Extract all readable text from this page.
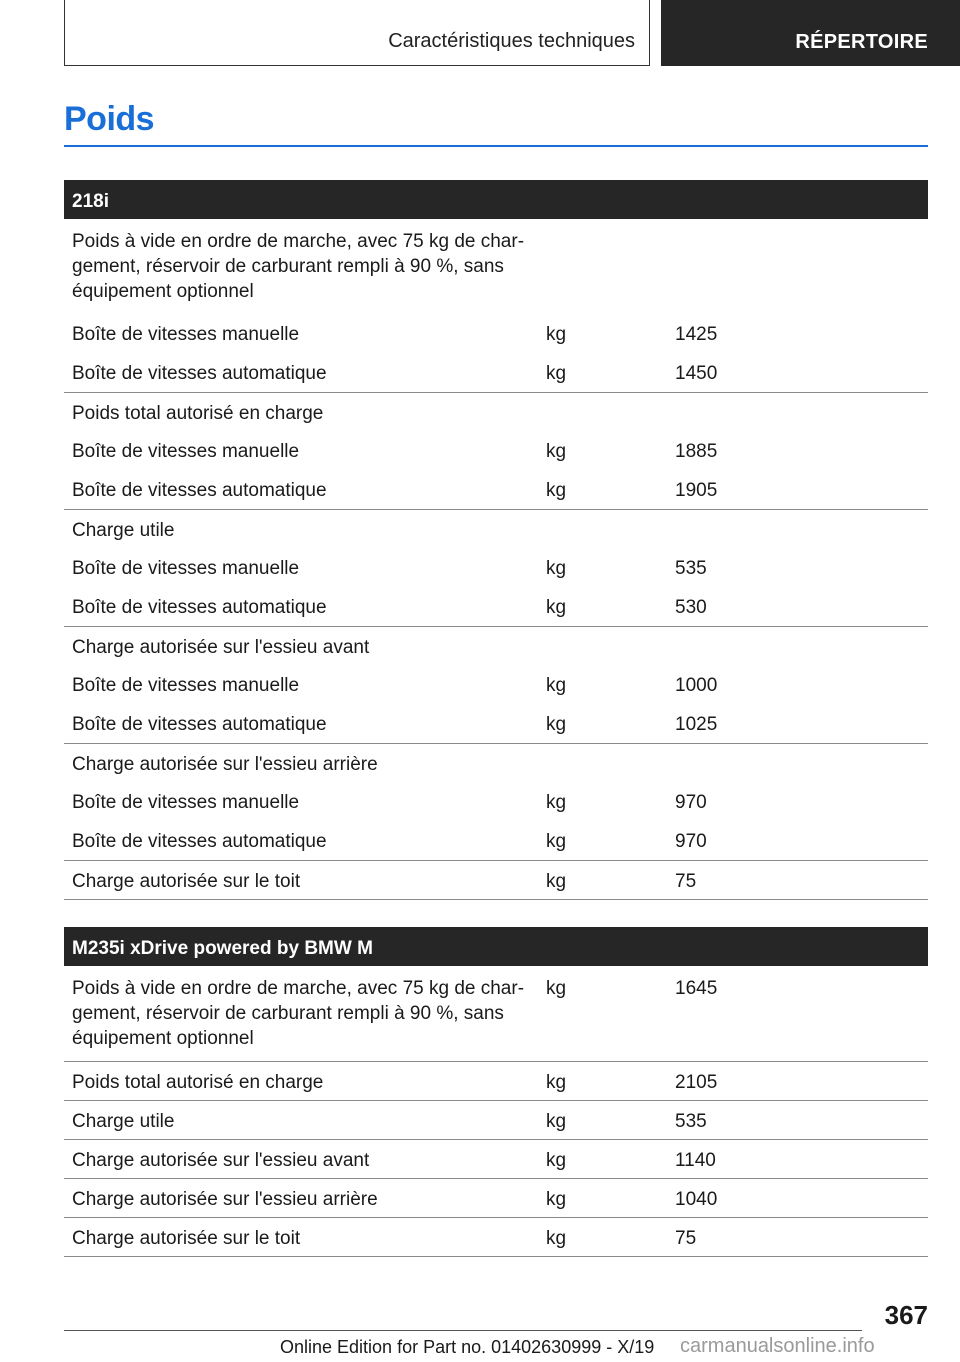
Caractéristiques techniques	RÉPERTOIRE
Poids
218i		
Poids à vide en ordre de marche, avec 75 kg de char-
gement, réservoir de carburant rempli à 90 %, sans
équipement optionnel		
Boîte de vitesses manuelle	kg	1425
Boîte de vitesses automatique	kg	1450
Poids total autorisé en charge		
Boîte de vitesses manuelle	kg	1885
Boîte de vitesses automatique	kg	1905
Charge utile		
Boîte de vitesses manuelle	kg	535
Boîte de vitesses automatique	kg	530
Charge autorisée sur l'essieu avant		
Boîte de vitesses manuelle	kg	1000
Boîte de vitesses automatique	kg	1025
Charge autorisée sur l'essieu arrière		
Boîte de vitesses manuelle	kg	970
Boîte de vitesses automatique	kg	970
Charge autorisée sur le toit	kg	75
M235i xDrive powered by BMW M		
Poids à vide en ordre de marche, avec 75 kg de char-
gement, réservoir de carburant rempli à 90 %, sans
équipement optionnel	kg	1645
Poids total autorisé en charge	kg	2105
Charge utile	kg	535
Charge autorisée sur l'essieu avant	kg	1140
Charge autorisée sur l'essieu arrière	kg	1040
Charge autorisée sur le toit	kg	75
367
Online Edition for Part no. 01402630999 - X/19 carmanualsonline.info
